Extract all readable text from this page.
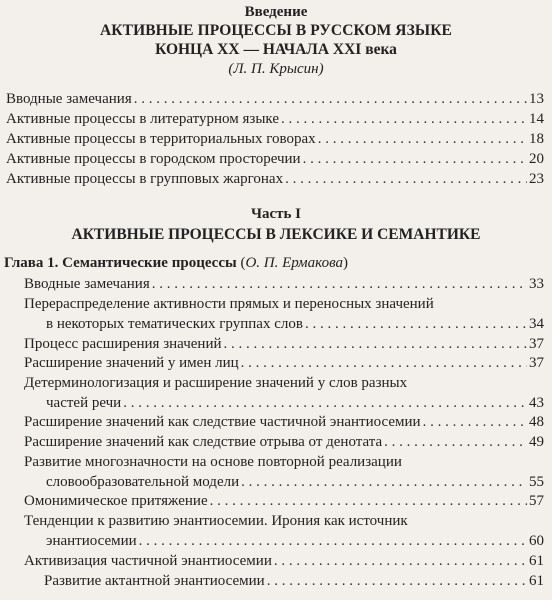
Введение
АКТИВНЫЕ ПРОЦЕССЫ В РУССКОМ ЯЗЫКЕ
КОНЦА XX — НАЧАЛА XXI века
(Л. П. Крысин)
Вводные замечания . . .	13
Активные процессы в литературном языке . . .	14
Активные процессы в территориальных говорах . . .	18
Активные процессы в городском просторечии . . .	20
Активные процессы в групповых жаргонах . . .	23
Часть I
АКТИВНЫЕ ПРОЦЕССЫ В ЛЕКСИКЕ И СЕМАНТИКЕ
Глава 1. Семантические процессы (О. П. Ермакова)
Вводные замечания . . .	33
Перераспределение активности прямых и переносных значений
в некоторых тематических группах слов . . .	34
Процесс расширения значений . . .	37
Расширение значений у имен лиц . . .	37
Детерминологизация и расширение значений у слов разных
частей речи . . .	43
Расширение значений как следствие частичной энантиосемии . . .	48
Расширение значений как следствие отрыва от денотата . . .	49
Развитие многозначности на основе повторной реализации
словообразовательной модели . . .	55
Омонимическое притяжение . . .	57
Тенденции к развитию энантиосемии. Ирония как источник
энантиосемии . . .	60
Активизация частичной энантиосемии . . .	61
Развитие актантной энантиосемии . . .	61
